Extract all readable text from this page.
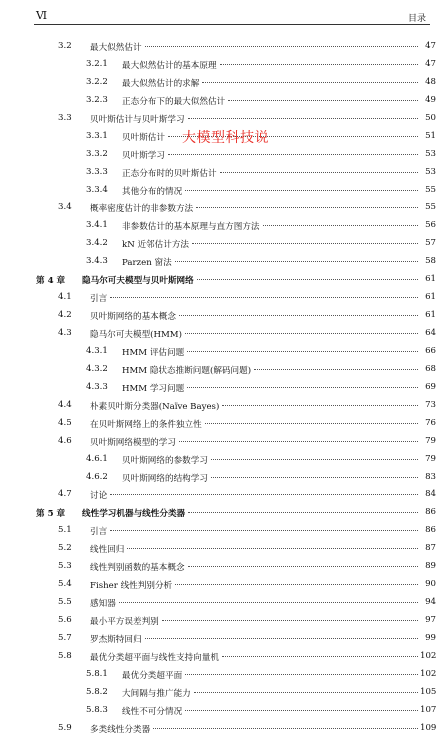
Ⅵ	目录
3.2 最大似然估计	47
3.2.1 最大似然估计的基本原理	47
3.2.2 最大似然估计的求解	48
3.2.3 正态分布下的最大似然估计	49
3.3 贝叶斯估计与贝叶斯学习	50
3.3.1 贝叶斯估计	51
3.3.2 贝叶斯学习	53
3.3.3 正态分布时的贝叶斯估计	53
3.3.4 其他分布的情况	55
3.4 概率密度估计的非参数方法	55
3.4.1 非参数估计的基本原理与直方图方法	56
3.4.2 kN 近邻估计方法	57
3.4.3 Parzen 窗法	58
第 4 章 隐马尔可夫模型与贝叶斯网络	61
4.1 引言	61
4.2 贝叶斯网络的基本概念	61
4.3 隐马尔可夫模型(HMM)	64
4.3.1 HMM 评估问题	66
4.3.2 HMM 隐状态推断问题(解码问题)	68
4.3.3 HMM 学习问题	69
4.4 朴素贝叶斯分类器(Naïve Bayes)	73
4.5 在贝叶斯网络上的条件独立性	76
4.6 贝叶斯网络模型的学习	79
4.6.1 贝叶斯网络的参数学习	79
4.6.2 贝叶斯网络的结构学习	83
4.7 讨论	84
第 5 章 线性学习机器与线性分类器	86
5.1 引言	86
5.2 线性回归	87
5.3 线性判别函数的基本概念	89
5.4 Fisher 线性判别分析	90
5.5 感知器	94
5.6 最小平方误差判别	97
5.7 罗杰斯特回归	99
5.8 最优分类超平面与线性支持向量机	102
5.8.1 最优分类超平面	102
5.8.2 大间隔与推广能力	105
5.8.3 线性不可分情况	107
5.9 多类线性分类器	109
大模型科技说
